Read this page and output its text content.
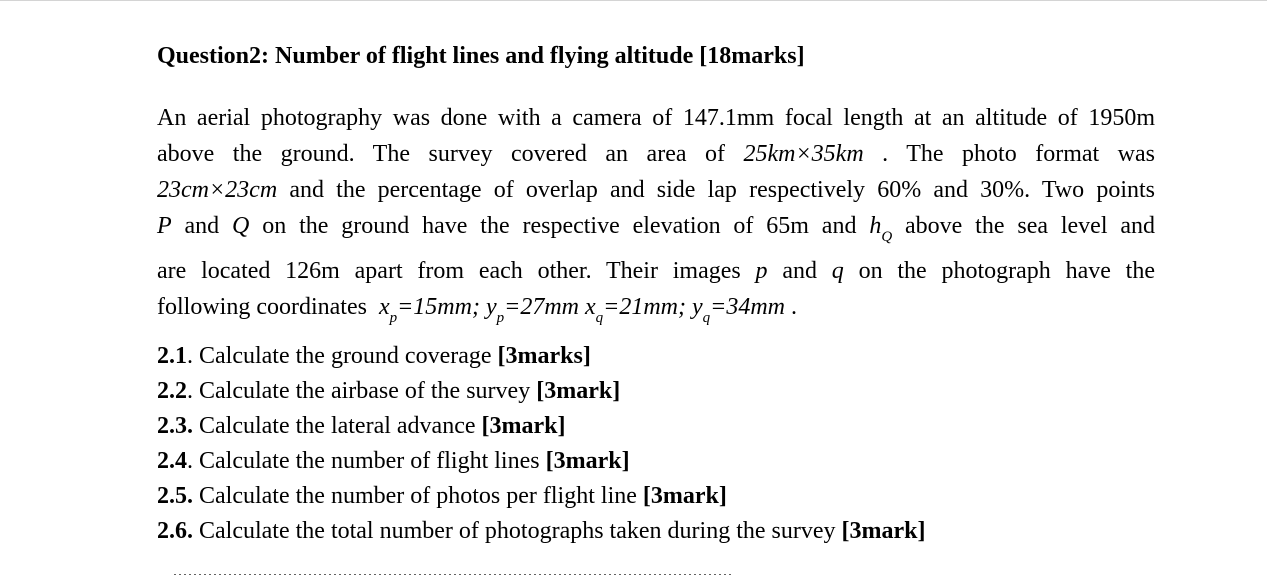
Question2: Number of flight lines and flying altitude [18marks]
An aerial photography was done with a camera of 147.1mm focal length at an altitude of 1950m
above the ground. The survey covered an area of 25km×35km . The photo format was
23cm×23cm and the percentage of overlap and side lap respectively 60% and 30%. Two points
P and Q on the ground have the respective elevation of 65m and $h_Q$ above the sea level and
are located 126m apart from each other. Their images p and q on the photograph have the
following coordinates $x_p=15mm$; $y_p=27mm$ $x_q=21mm$; $y_q=34mm$ .
2.1. Calculate the ground coverage [3marks]
2.2. Calculate the airbase of the survey [3mark]
2.3. Calculate the lateral advance [3mark]
2.4. Calculate the number of flight lines [3mark]
2.5. Calculate the number of photos per flight line [3mark]
2.6. Calculate the total number of photographs taken during the survey [3mark]
................................................................................................................
